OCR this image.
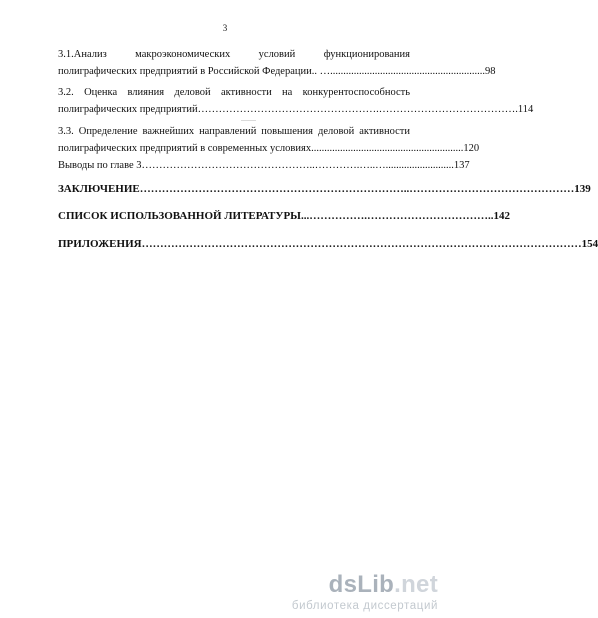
3
3.1.Анализ макроэкономических условий функционирования
полиграфических предприятий в Российской Федерации.. …. .......................................................... 98
3.2. Оценка влияния деловой активности на конкурентоспособность
полиграфических предприятий …………………………………………….………………………………… .114
______
3.3. Определение важнейших направлений повышения деловой активности
полиграфических предприятий в современных условиях .......................................................... 120
Выводы по главе 3 …………………………………………..………….…..….......................... 137
ЗАКЛЮЧЕНИЕ ………………………………………………………………..……………………………………… 139
СПИСОК ИСПОЛЬЗОВАННОЙ ЛИТЕРАТУРЫ ...…………….…………………………….. 142
ПРИЛОЖЕНИЯ ………………………………………………………………………………………………………… 154
dsLib.net
библиотека диссертаций
